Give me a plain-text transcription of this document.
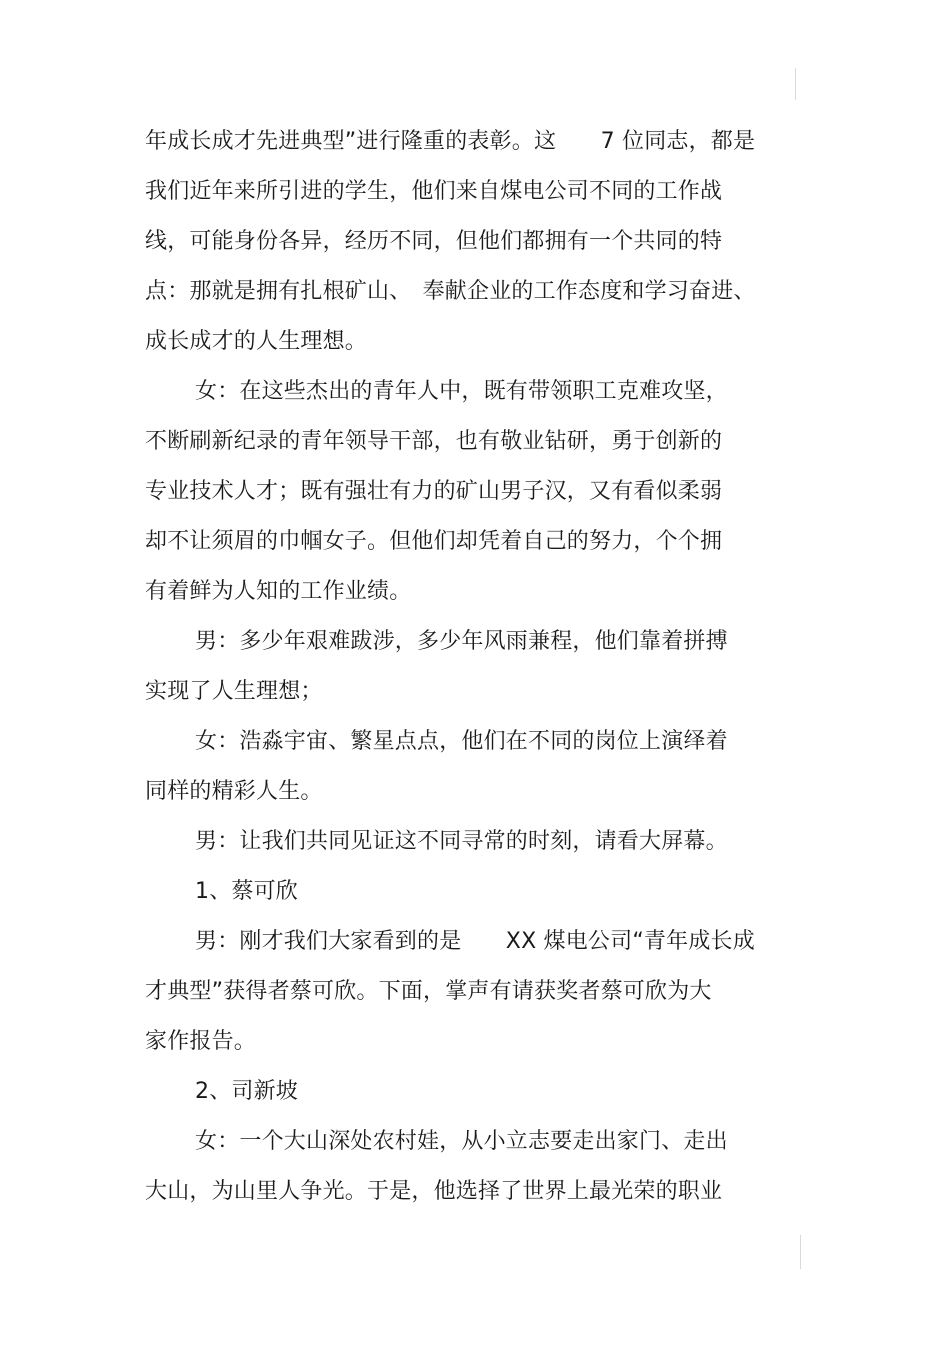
年成长成才先进典型”进行隆重的表彰。这　　7 位同志，都是
我们近年来所引进的学生，他们来自煤电公司不同的工作战
线，可能身份各异，经历不同，但他们都拥有一个共同的特
点：那就是拥有扎根矿山、　奉献企业的工作态度和学习奋进、
成长成才的人生理想。
女：在这些杰出的青年人中，既有带领职工克难攻坚，
不断刷新纪录的青年领导干部，也有敬业钻研，勇于创新的
专业技术人才；既有强壮有力的矿山男子汉，又有看似柔弱
却不让须眉的巾帼女子。但他们却凭着自己的努力，个个拥
有着鲜为人知的工作业绩。
男：多少年艰难跋涉，多少年风雨兼程，他们靠着拼搏
实现了人生理想；
女：浩淼宇宙、繁星点点，他们在不同的岗位上演绎着
同样的精彩人生。
男：让我们共同见证这不同寻常的时刻，请看大屏幕。
1、蔡可欣
男：刚才我们大家看到的是　　XX 煤电公司“青年成长成
才典型”获得者蔡可欣。下面，掌声有请获奖者蔡可欣为大
家作报告。
2、司新坡
女：一个大山深处农村娃，从小立志要走出家门、走出
大山，为山里人争光。于是，他选择了世界上最光荣的职业
